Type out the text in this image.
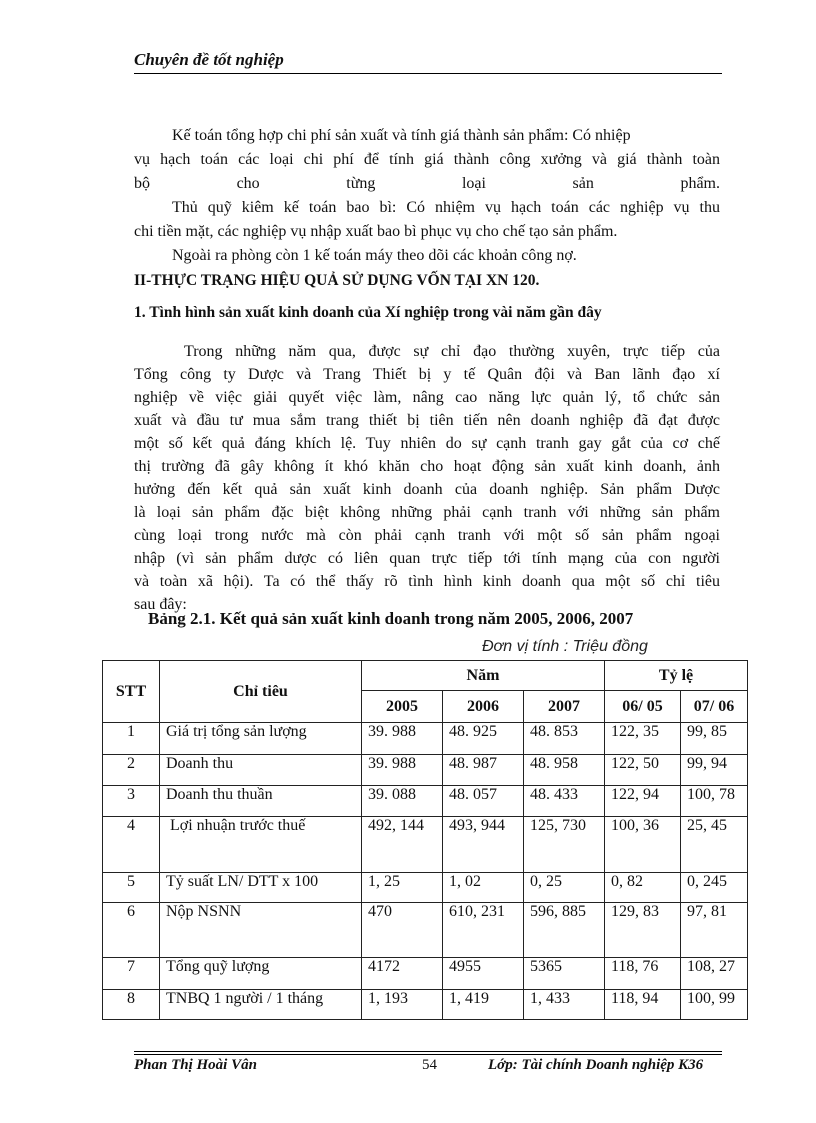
Chuyên đề tốt nghiệp
Kế toán tổng hợp chi phí sản xuất và tính giá thành sản phẩm: Có nhiệp
vụ hạch toán các loại chi phí để tính giá thành công xưởng và giá thành toàn
bộ cho từng loại sản phẩm.
Thủ quỹ kiêm kế toán bao bì: Có nhiệm vụ hạch toán các nghiệp vụ thu
chi tiền mặt, các nghiệp vụ nhập xuất bao bì phục vụ cho chế tạo sản phẩm.
Ngoài ra phòng còn 1 kế toán máy theo dõi các khoản công nợ.
II-THỰC TRẠNG HIỆU QUẢ SỬ DỤNG VỐN TẠI XN 120.
1. Tình hình sản xuất kinh doanh của Xí nghiệp trong vài năm gần đây
Trong những năm qua, được sự chỉ đạo thường xuyên, trực tiếp của
Tổng công ty Dược và Trang Thiết bị y tế Quân đội và Ban lãnh đạo xí
nghiệp về việc giải quyết việc làm, nâng cao năng lực quản lý, tổ chức sản
xuất và đầu tư mua sắm trang thiết bị tiên tiến nên doanh nghiệp đã đạt được
một số kết quả đáng khích lệ. Tuy nhiên do sự cạnh tranh gay gắt của cơ chế
thị trường đã gây không ít khó khăn cho hoạt động sản xuất kinh doanh, ảnh
hưởng đến kết quả sản xuất kinh doanh của doanh nghiệp. Sản phẩm Dược
là loại sản phẩm đặc biệt không những phải cạnh tranh với những sản phẩm
cùng loại trong nước mà còn phải cạnh tranh với một số sản phẩm ngoại
nhập (vì sản phẩm dược có liên quan trực tiếp tới tính mạng của con người
và toàn xã hội). Ta có thể thấy rõ tình hình kinh doanh qua một số chỉ tiêu
sau đây:
Bảng 2.1. Kết quả sản xuất kinh doanh trong năm 2005, 2006, 2007
Đơn vị tính : Triệu đồng
STT	Chỉ tiêu	Năm			Tỷ lệ	
		2005	2006	2007	06/ 05	07/ 06
1	Giá trị tổng sản lượng	39. 988	48. 925	48. 853	122, 35	99, 85
2	Doanh thu	39. 988	48. 987	48. 958	122, 50	99, 94
3	Doanh thu thuần	39. 088	48. 057	48. 433	122, 94	100, 78
4	Lợi nhuận trước thuế	492, 144	493, 944	125, 730	100, 36	25, 45
5	Tỷ suất LN/ DTT x 100	1, 25	1, 02	0, 25	0, 82	0, 245
6	Nộp NSNN	470	610, 231	596, 885	129, 83	97, 81
7	Tổng quỹ lượng	4172	4955	5365	118, 76	108, 27
8	TNBQ 1 người / 1 tháng	1, 193	1, 419	1, 433	118, 94	100, 99
Phan Thị Hoài Vân	54	Lớp: Tài chính Doanh nghiệp K36
